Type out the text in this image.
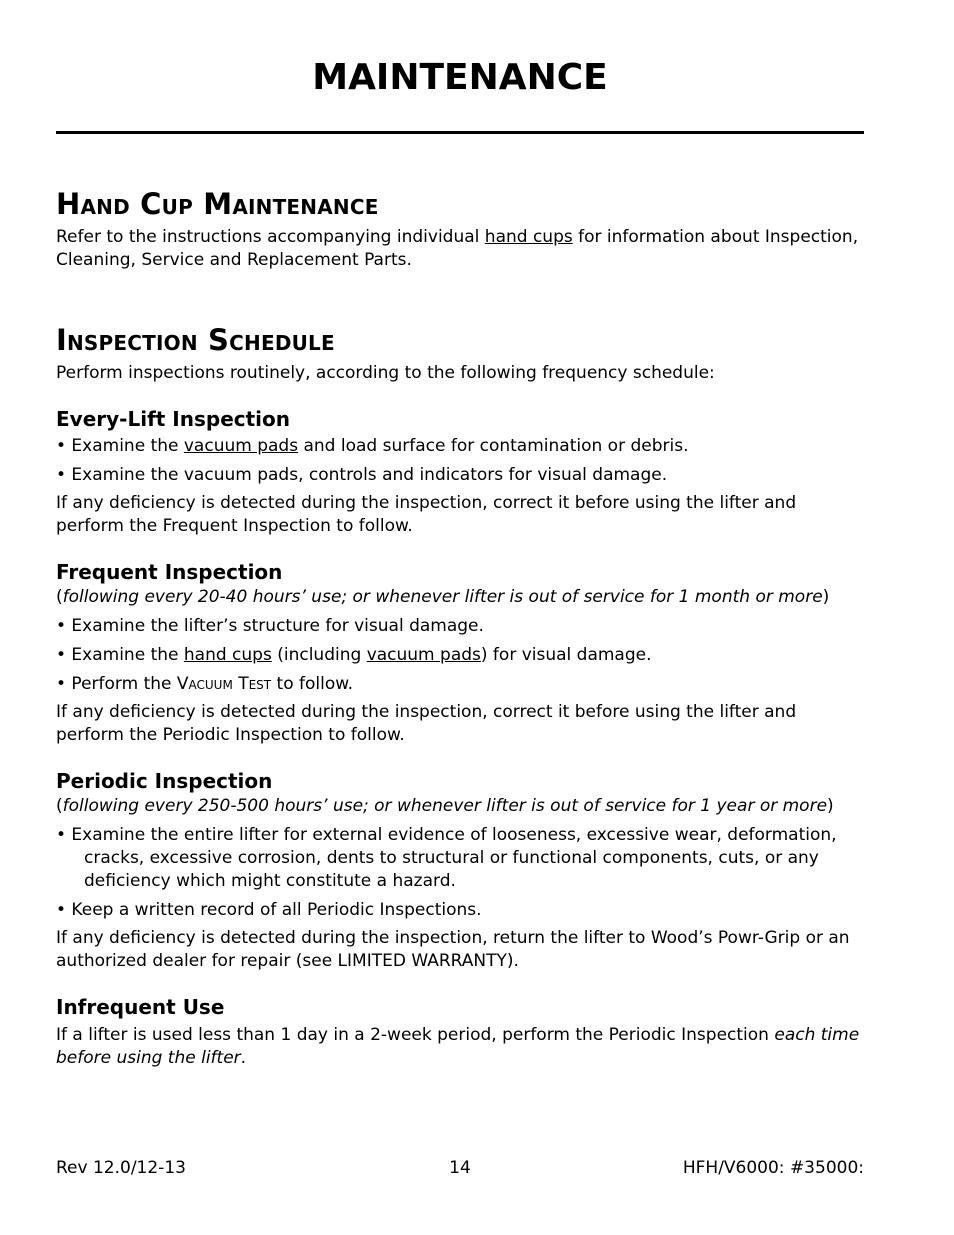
MAINTENANCE
Hand Cup Maintenance

Refer to the instructions accompanying individual hand cups for information about Inspection, Cleaning, Service and Replacement Parts.

Inspection Schedule

Perform inspections routinely, according to the following frequency schedule:

Every-Lift Inspection

• Examine the vacuum pads and load surface for contamination or debris.

• Examine the vacuum pads, controls and indicators for visual damage.

If any deficiency is detected during the inspection, correct it before using the lifter and perform the Frequent Inspection to follow.

Frequent Inspection

(following every 20-40 hours’ use; or whenever lifter is out of service for 1 month or more)

• Examine the lifter’s structure for visual damage.

• Examine the hand cups (including vacuum pads) for visual damage.

• Perform the Vacuum Test to follow.

If any deficiency is detected during the inspection, correct it before using the lifter and perform the Periodic Inspection to follow.

Periodic Inspection

(following every 250-500 hours’ use; or whenever lifter is out of service for 1 year or more)

• Examine the entire lifter for external evidence of looseness, excessive wear, deformation,
cracks, excessive corrosion, dents to structural or functional components, cuts, or any
deficiency which might constitute a hazard.

• Keep a written record of all Periodic Inspections.

If any deficiency is detected during the inspection, return the lifter to Wood’s Powr-Grip or an authorized dealer for repair (see LIMITED WARRANTY).

Infrequent Use

If a lifter is used less than 1 day in a 2-week period, perform the Periodic Inspection each time before using the lifter.

Rev 12.0/12-13	14	HFH/V6000: #35000:
